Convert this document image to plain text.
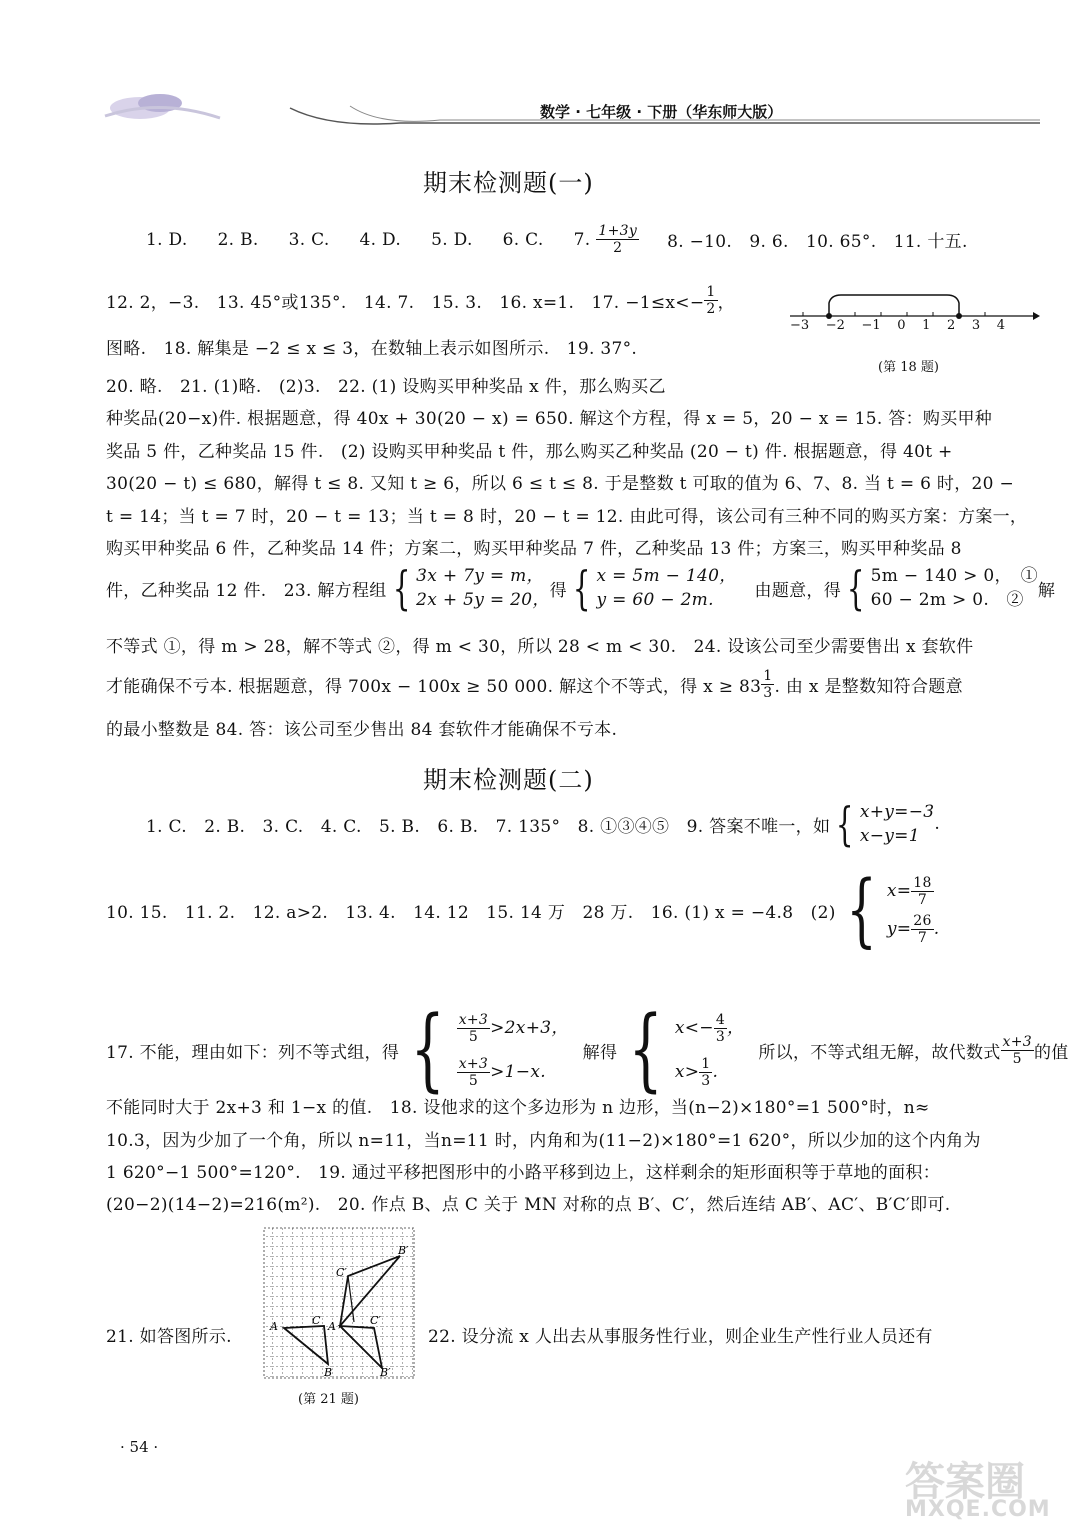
数学 · 七年级 · 下册（华东师大版）
期末检测题(一)
1. D. 2. B. 3. C. 4. D. 5. D. 6. C. 7. $\frac{1+3y}{2} 8$. −10.　9. 6.　10. 65°.　11. 十五.
12. 2，−3.　13. 45°或135°.　14. 7.　15. 3.　16. x=1.　17. $-1\le x<- \frac{1}{2}$ ，
−3 −2 −1 0 1 2 3 4
(第 18 题)
图略.　18. 解集是 −2 ≤ x ≤ 3，在数轴上表示如图所示.　19. 37°.
20. 略.　21. (1)略.　(2)3.　22. (1) 设购买甲种奖品 x 件，那么购买乙
种奖品(20−x)件. 根据题意，得 40x + 30(20 − x) = 650. 解这个方程，得 x = 5，20 − x = 15. 答：购买甲种
奖品 5 件，乙种奖品 15 件.　(2) 设购买甲种奖品 t 件，那么购买乙种奖品 (20 − t) 件. 根据题意，得 40t +
30(20 − t) ≤ 680，解得 t ≤ 8. 又知 t ≥ 6，所以 6 ≤ t ≤ 8. 于是整数 t 可取的值为 6、7、8. 当 t = 6 时，20 −
t = 14；当 t = 7 时，20 − t = 13；当 t = 8 时，20 − t = 12. 由此可得，该公司有三种不同的购买方案：方案一，
购买甲种奖品 6 件，乙种奖品 14 件；方案二，购买甲种奖品 7 件，乙种奖品 13 件；方案三，购买甲种奖品 8
件，乙种奖品 12 件.　23. 解方程组 { 3x + 7y = m，
2x + 5y = 20， 得 { x = 5m − 140，
y = 60 − 2m.	由题意，得 { 5m − 140 > 0，　①
60 − 2m > 0.　② 解
不等式 ①，得 m > 28，解不等式 ②，得 m < 30，所以 28 < m < 30.　24. 设该公司至少需要售出 x 套软件
才能确保不亏本. 根据题意，得 700x − 100x ≥ 50 000. 解这个不等式，得 $x \ge 83 \frac{1}{3}$ . 由 x 是整数知符合题意
的最小整数是 84. 答：该公司至少售出 84 套软件才能确保不亏本.
期末检测题(二)
1. C.　2. B.　3. C.　4. C.　5. B.　6. B.　7. 135°　8. ①③④⑤　9. 答案不唯一，如 { x+y=−3
x−y=1
.
10. 15.　11. 2.　12. a>2.　13. 4.　14. 12　15. 14 万　28 万.　16. (1) x = −4.8　(2) { $x= \frac{18}{7}$
$y= \frac{26}{7}$ .
17. 不能，理由如下：列不等式组，得 { $\frac{x+3}{5} >2x+3$，
$\frac{x+3}{5} >1-x$.
解得 { $x<- \frac{4}{3}$ ，
$x> \frac{1}{3}$ .
所以，不等式组无解，故代数式 $\frac{x+3}{5}$ 的值
不能同时大于 2x+3 和 1−x 的值.　18. 设他求的这个多边形为 n 边形，当(n−2)×180°=1 500°时，n≈
10.3，因为少加了一个角，所以 n=11，当n=11 时，内角和为(11−2)×180°=1 620°，所以少加的这个内角为
1 620°−1 500°=120°.　19. 通过平移把图形中的小路平移到边上，这样剩余的矩形面积等于草地的面积：
(20−2)(14−2)=216(m²).　20. 作点 B、点 C 关于 MN 对称的点 B′、C′，然后连结 AB′、AC′、B′C′即可.
21. 如答图所示.	22. 设分流 x 人出去从事服务性行业，则企业生产性行业人员还有
A	C A
C′
B
B′
C′
B′
(第 21 题)
· 54 ·
答案圈
MXQE.COM
